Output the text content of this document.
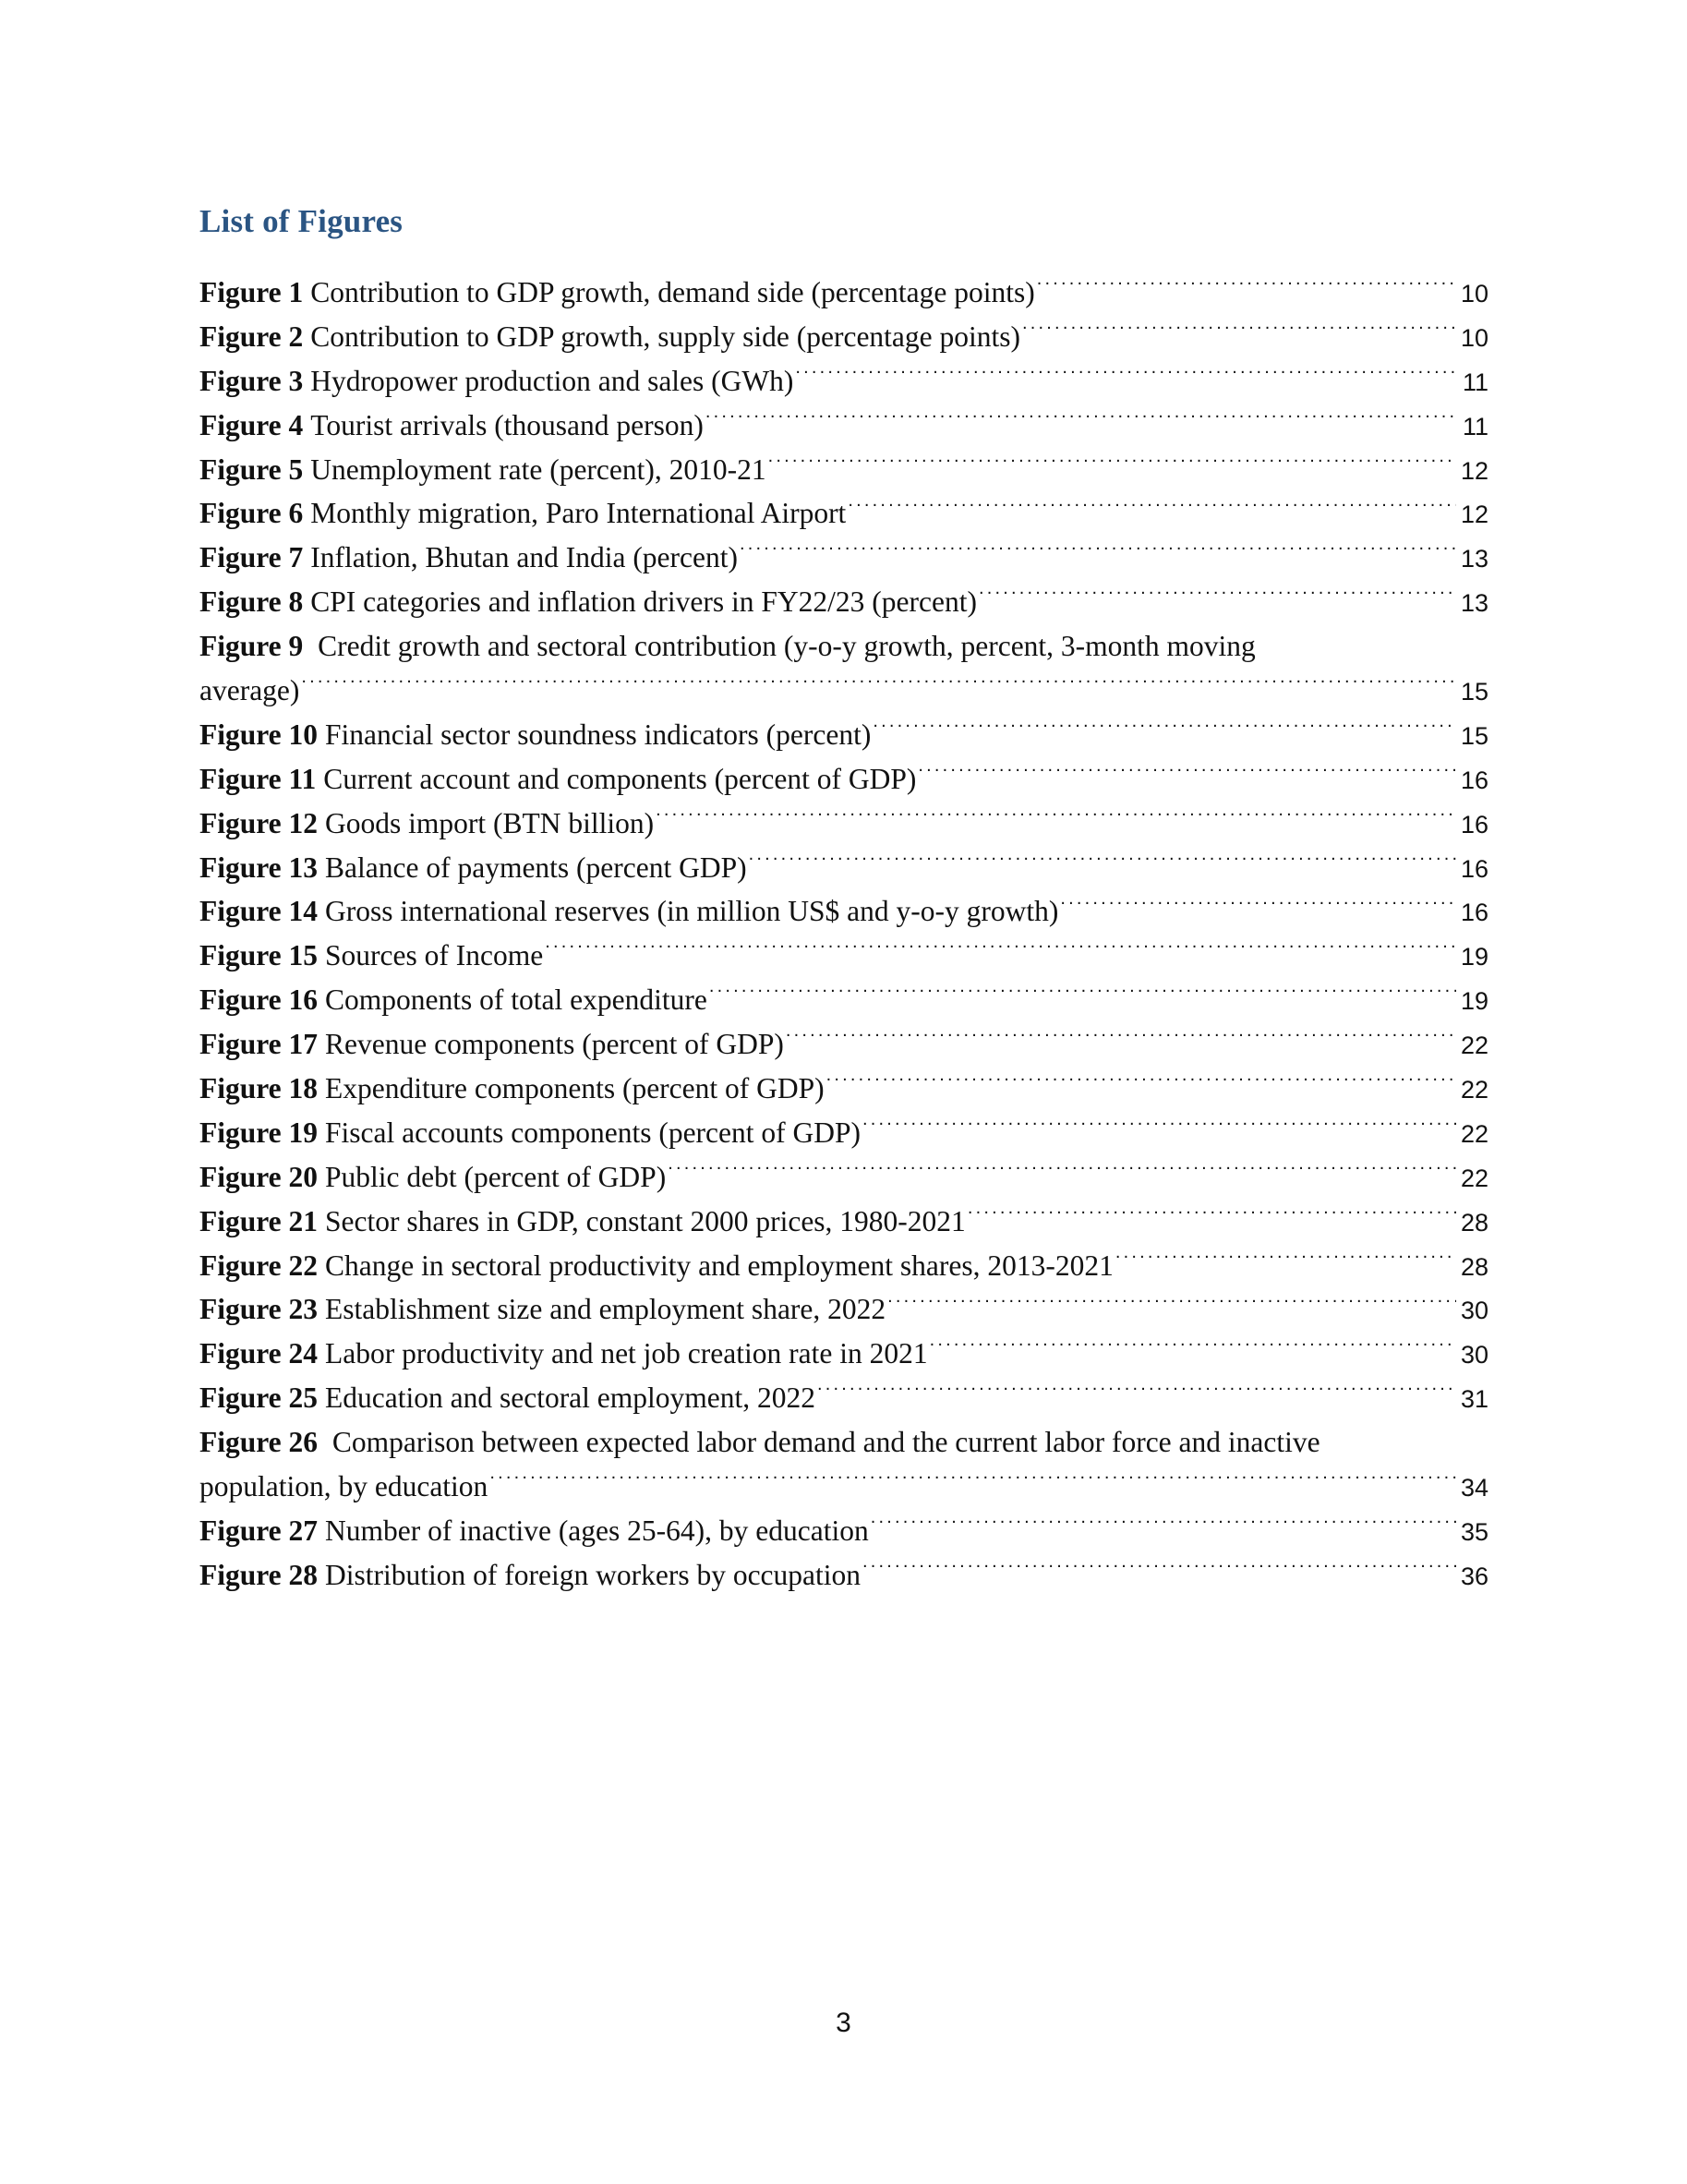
List of Figures
Figure 1 Contribution to GDP growth, demand side (percentage points) .....	10
Figure 2 Contribution to GDP growth, supply side (percentage points) .....	10
Figure 3 Hydropower production and sales (GWh) .....	11
Figure 4 Tourist arrivals (thousand person) .....	11
Figure 5 Unemployment rate (percent), 2010-21 .....	12
Figure 6 Monthly migration, Paro International Airport .....	12
Figure 7 Inflation, Bhutan and India (percent) .....	13
Figure 8 CPI categories and inflation drivers in FY22/23 (percent) .....	13
Figure 9 Credit growth and sectoral contribution (y-o-y growth, percent, 3-month moving
average) .....	15
Figure 10 Financial sector soundness indicators (percent) .....	15
Figure 11 Current account and components (percent of GDP) .....	16
Figure 12 Goods import (BTN billion) .....	16
Figure 13 Balance of payments (percent GDP) .....	16
Figure 14 Gross international reserves (in million US$ and y-o-y growth) .....	16
Figure 15 Sources of Income .....	19
Figure 16 Components of total expenditure .....	19
Figure 17 Revenue components (percent of GDP) .....	22
Figure 18 Expenditure components (percent of GDP) .....	22
Figure 19 Fiscal accounts components (percent of GDP) .....	22
Figure 20 Public debt (percent of GDP) .....	22
Figure 21 Sector shares in GDP, constant 2000 prices, 1980-2021 .....	28
Figure 22 Change in sectoral productivity and employment shares, 2013-2021 .....	28
Figure 23 Establishment size and employment share, 2022 .....	30
Figure 24 Labor productivity and net job creation rate in 2021 .....	30
Figure 25 Education and sectoral employment, 2022 .....	31
Figure 26 Comparison between expected labor demand and the current labor force and inactive
population, by education .....	34
Figure 27 Number of inactive (ages 25-64), by education .....	35
Figure 28 Distribution of foreign workers by occupation .....	36
3
